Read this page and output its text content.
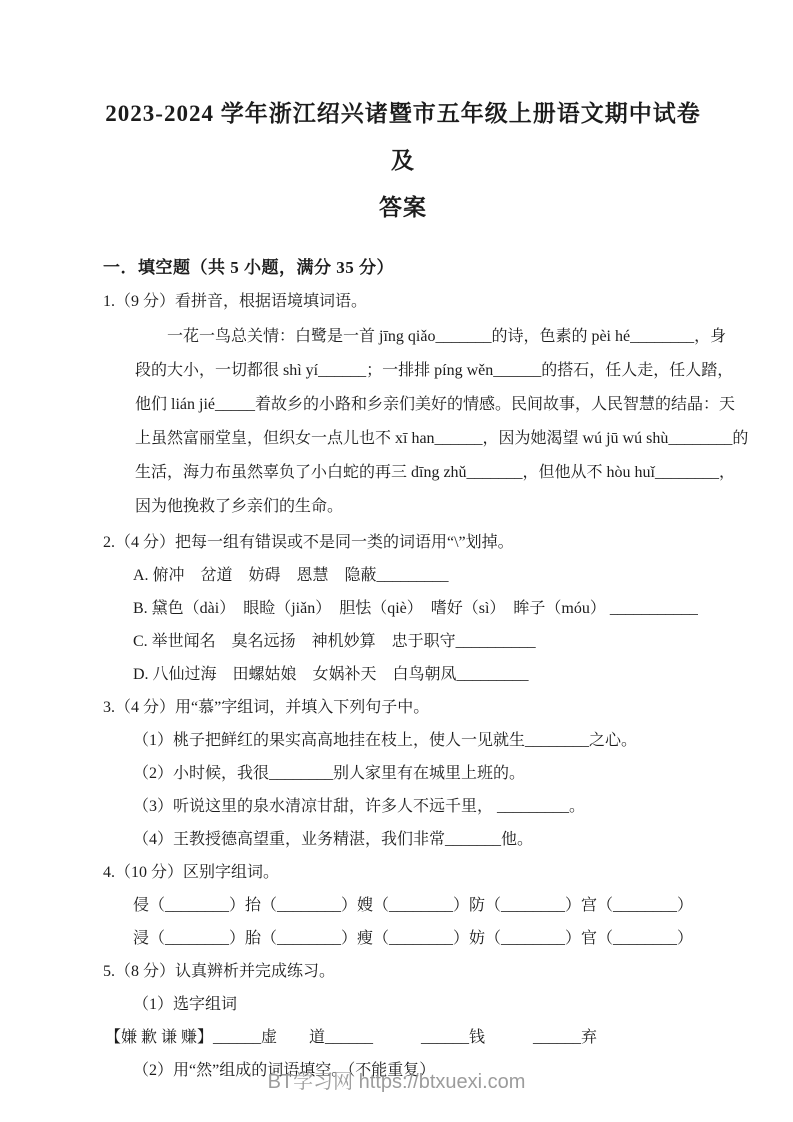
2023-2024 学年浙江绍兴诸暨市五年级上册语文期中试卷及
答案
一．填空题（共 5 小题，满分 35 分）
1.（9 分）看拼音，根据语境填词语。
一花一鸟总关情：白鹭是一首 jīng qiǎo_______的诗，色素的 pèi hé________，身
段的大小，一切都很 shì yí______；一排排 píng wěn______的搭石，任人走，任人踏，
他们 lián jié_____着故乡的小路和乡亲们美好的情感。民间故事，人民智慧的结晶：天
上虽然富丽堂皇，但织女一点儿也不 xī han______，因为她渴望 wú jū wú shù________的
生活，海力布虽然辜负了小白蛇的再三 dīng zhǔ_______，但他从不 hòu huǐ________，
因为他挽救了乡亲们的生命。
2.（4 分）把每一组有错误或不是同一类的词语用“\”划掉。
A. 俯冲　岔道　妨碍　恩慧　隐蔽_________
B. 黛色（dài）　眼睑（jiǎn）　胆怯（qiè）　嗜好（sì）　眸子（móu） ___________
C. 举世闻名　臭名远扬　神机妙算　忠于职守__________
D. 八仙过海　田螺姑娘　女娲补天　白鸟朝凤_________
3.（4 分）用“慕”字组词，并填入下列句子中。
（1）桃子把鲜红的果实高高地挂在枝上，使人一见就生________之心。
（2）小时候，我很________别人家里有在城里上班的。
（3）听说这里的泉水清凉甘甜，许多人不远千里， _________。
（4）王教授德高望重，业务精湛，我们非常_______他。
4.（10 分）区别字组词。
侵（________）抬（________）嫂（________）防（________）宫（________）
浸（________）胎（________）瘦（________）妨（________）官（________）
5.（8 分）认真辨析并完成练习。
（1）选字组词
【嫌 歉 谦 赚】______虚　　道______　　　______钱　　　______弃
（2）用“然”组成的词语填空。（不能重复）
BT学习网 https://btxuexi.com
